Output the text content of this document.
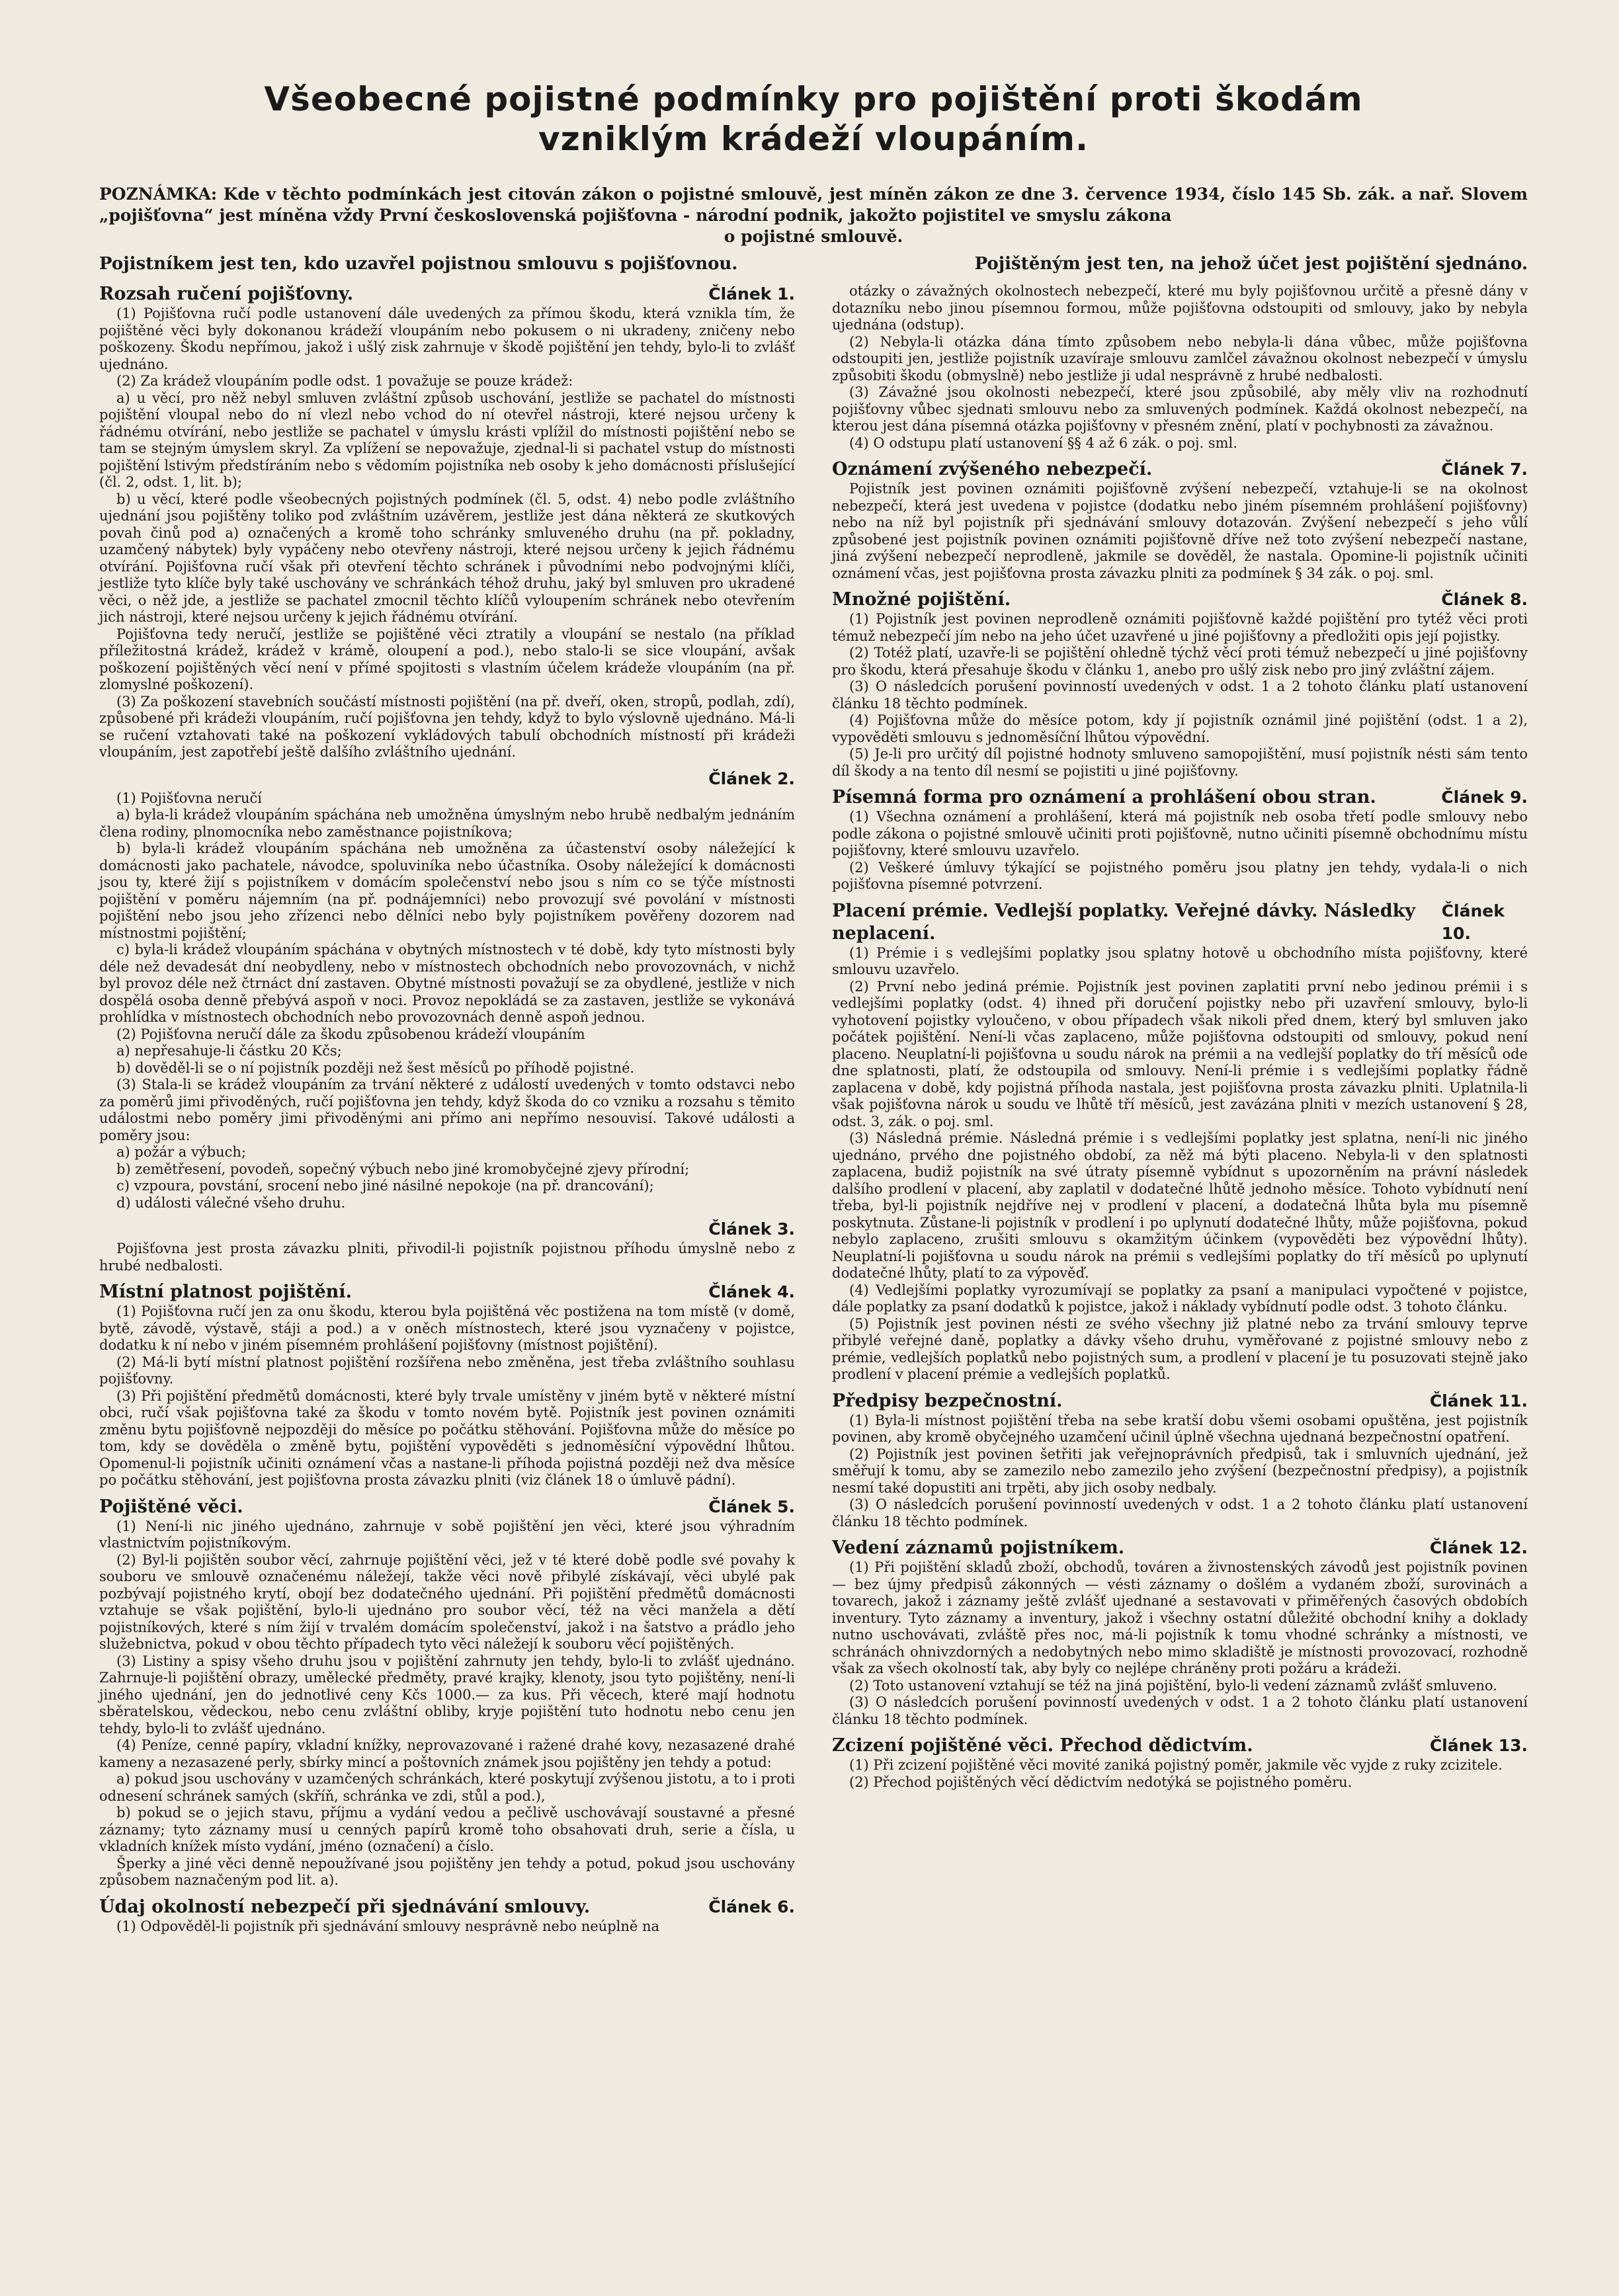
Všeobecné pojistné podmínky pro pojištění proti škodám
vzniklým krádeží vloupáním.
POZNÁMKA: Kde v těchto podmínkách jest citován zákon o pojistné smlouvě, jest míněn zákon ze dne 3. července 1934, číslo 145 Sb. zák. a nař. Slovem „pojišťovna“ jest míněna vždy První československá pojišťovna - národní podnik, jakožto pojistitel ve smyslu zákona
o pojistné smlouvě.
Pojistníkem jest ten, kdo uzavřel pojistnou smlouvu s pojišťovnou.	Pojištěným jest ten, na jehož účet jest pojištění sjednáno.
Rozsah ručení pojišťovny.	Článek 1.

(1) Pojišťovna ručí podle ustanovení dále uvedených za přímou škodu, která vznikla tím, že pojištěné věci byly dokonanou krádeží vloupáním nebo pokusem o ni ukradeny, zničeny nebo poškozeny. Škodu nepřímou, jakož i ušlý zisk zahrnuje v škodě pojištění jen tehdy, bylo-li to zvlášť ujednáno.

(2) Za krádež vloupáním podle odst. 1 považuje se pouze krádež:

a) u věcí, pro něž nebyl smluven zvláštní způsob uschování, jestliže se pachatel do místnosti pojištění vloupal nebo do ní vlezl nebo vchod do ní otevřel nástroji, které nejsou určeny k řádnému otvírání, nebo jestliže se pachatel v úmyslu krásti vplížil do místnosti pojištění nebo se tam se stejným úmyslem skryl. Za vplížení se nepovažuje, zjednal-li si pachatel vstup do místnosti pojištění lstivým předstíráním nebo s vědomím pojistníka neb osoby k jeho domácnosti příslušející (čl. 2, odst. 1, lit. b);

b) u věcí, které podle všeobecných pojistných podmínek (čl. 5, odst. 4) nebo podle zvláštního ujednání jsou pojištěny toliko pod zvláštním uzávěrem, jestliže jest dána některá ze skutkových povah činů pod a) označených a kromě toho schránky smluveného druhu (na př. pokladny, uzamčený nábytek) byly vypáčeny nebo otevřeny nástroji, které nejsou určeny k jejich řádnému otvírání. Pojišťovna ručí však při otevření těchto schránek i původními nebo podvojnými klíči, jestliže tyto klíče byly také uschovány ve schránkách téhož druhu, jaký byl smluven pro ukradené věci, o něž jde, a jestliže se pachatel zmocnil těchto klíčů vyloupením schránek nebo otevřením jich nástroji, které nejsou určeny k jejich řádnému otvírání.

Pojišťovna tedy neručí, jestliže se pojištěné věci ztratily a vloupání se nestalo (na příklad příležitostná krádež, krádež v krámě, oloupení a pod.), nebo stalo-li se sice vloupání, avšak poškození pojištěných věcí není v přímé spojitosti s vlastním účelem krádeže vloupáním (na př. zlomyslné poškození).

(3) Za poškození stavebních součástí místnosti pojištění (na př. dveří, oken, stropů, podlah, zdí), způsobené při krádeži vloupáním, ručí pojišťovna jen tehdy, když to bylo výslovně ujednáno. Má-li se ručení vztahovati také na poškození vykládových tabulí obchodních místností při krádeži vloupáním, jest zapotřebí ještě dalšího zvláštního ujednání.

Článek 2.

(1) Pojišťovna neručí

a) byla-li krádež vloupáním spáchána neb umožněna úmyslným nebo hrubě nedbalým jednáním člena rodiny, plnomocníka nebo zaměstnance pojistníkova;

b) byla-li krádež vloupáním spáchána neb umožněna za účastenství osoby náležející k domácnosti jako pachatele, návodce, spoluviníka nebo účastníka. Osoby náležející k domácnosti jsou ty, které žijí s pojistníkem v domácím společenství nebo jsou s ním co se týče místnosti pojištění v poměru nájemním (na př. podnájemníci) nebo provozují své povolání v místnosti pojištění nebo jsou jeho zřízenci nebo dělníci nebo byly pojistníkem pověřeny dozorem nad místnostmi pojištění;

c) byla-li krádež vloupáním spáchána v obytných místnostech v té době, kdy tyto místnosti byly déle než devadesát dní neobydleny, nebo v místnostech obchodních nebo provozovnách, v nichž byl provoz déle než čtrnáct dní zastaven. Obytné místnosti považují se za obydlené, jestliže v nich dospělá osoba denně přebývá aspoň v noci. Provoz nepokládá se za zastaven, jestliže se vykonává prohlídka v místnostech obchodních nebo provozovnách denně aspoň jednou.

(2) Pojišťovna neručí dále za škodu způsobenou krádeží vloupáním

a) nepřesahuje-li částku 20 Kčs;

b) dověděl-li se o ní pojistník později než šest měsíců po příhodě pojistné.

(3) Stala-li se krádež vloupáním za trvání některé z událostí uvedených v tomto odstavci nebo za poměrů jimi přivoděných, ručí pojišťovna jen tehdy, když škoda do co vzniku a rozsahu s těmito událostmi nebo poměry jimi přivoděnými ani přímo ani nepřímo nesouvisí. Takové události a poměry jsou:

a) požár a výbuch;

b) zemětřesení, povodeň, sopečný výbuch nebo jiné kromobyčejné zjevy přírodní;

c) vzpoura, povstání, srocení nebo jiné násilné nepokoje (na př. drancování);

d) události válečné všeho druhu.

Článek 3.

Pojišťovna jest prosta závazku plniti, přivodil-li pojistník pojistnou příhodu úmyslně nebo z hrubé nedbalosti.

Místní platnost pojištění.	Článek 4.

(1) Pojišťovna ručí jen za onu škodu, kterou byla pojištěná věc postižena na tom místě (v domě, bytě, závodě, výstavě, stáji a pod.) a v oněch místnostech, které jsou vyznačeny v pojistce, dodatku k ní nebo v jiném písemném prohlášení pojišťovny (místnost pojištění).

(2) Má-li bytí místní platnost pojištění rozšířena nebo změněna, jest třeba zvláštního souhlasu pojišťovny.

(3) Při pojištění předmětů domácnosti, které byly trvale umístěny v jiném bytě v některé místní obci, ručí však pojišťovna také za škodu v tomto novém bytě. Pojistník jest povinen oznámiti změnu bytu pojišťovně nejpozději do měsíce po počátku stěhování. Pojišťovna může do měsíce po tom, kdy se dověděla o změně bytu, pojištění vypověděti s jednoměsíční výpovědní lhůtou. Opomenul-li pojistník učiniti oznámení včas a nastane-li příhoda pojistná později než dva měsíce po počátku stěhování, jest pojišťovna prosta závazku plniti (viz článek 18 o úmluvě pádní).

Pojištěné věci.	Článek 5.

(1) Není-li nic jiného ujednáno, zahrnuje v sobě pojištění jen věci, které jsou výhradním vlastnictvím pojistníkovým.

(2) Byl-li pojištěn soubor věcí, zahrnuje pojištění věci, jež v té které době podle své povahy k souboru ve smlouvě označenému náležejí, takže věci nově přibylé získávají, věci ubylé pak pozbývají pojistného krytí, obojí bez dodatečného ujednání. Při pojištění předmětů domácnosti vztahuje se však pojištění, bylo-li ujednáno pro soubor věcí, též na věci manžela a dětí pojistníkových, které s ním žijí v trvalém domácím společenství, jakož i na šatstvo a prádlo jeho služebnictva, pokud v obou těchto případech tyto věci náležejí k souboru věcí pojištěných.

(3) Listiny a spisy všeho druhu jsou v pojištění zahrnuty jen tehdy, bylo-li to zvlášť ujednáno. Zahrnuje-li pojištění obrazy, umělecké předměty, pravé krajky, klenoty, jsou tyto pojištěny, není-li jiného ujednání, jen do jednotlivé ceny Kčs 1000.— za kus. Při věcech, které mají hodnotu sběratelskou, vědeckou, nebo cenu zvláštní obliby, kryje pojištění tuto hodnotu nebo cenu jen tehdy, bylo-li to zvlášť ujednáno.

(4) Peníze, cenné papíry, vkladní knížky, neprovazované i ražené drahé kovy, nezasazené drahé kameny a nezasazené perly, sbírky mincí a poštovních známek jsou pojištěny jen tehdy a potud:

a) pokud jsou uschovány v uzamčených schránkách, které poskytují zvýšenou jistotu, a to i proti odnesení schránek samých (skříň, schránka ve zdi, stůl a pod.),

b) pokud se o jejich stavu, příjmu a vydání vedou a pečlivě uschovávají soustavné a přesné záznamy; tyto záznamy musí u cenných papírů kromě toho obsahovati druh, serie a čísla, u vkladních knížek místo vydání, jméno (označení) a číslo.

Šperky a jiné věci denně nepoužívané jsou pojištěny jen tehdy a potud, pokud jsou uschovány způsobem naznačeným pod lit. a).

Údaj okolností nebezpečí při sjednávání smlouvy.	Článek 6.

(1) Odpověděl-li pojistník při sjednávání smlouvy nesprávně nebo neúplně na

otázky o závažných okolnostech nebezpečí, které mu byly pojišťovnou určitě a přesně dány v dotazníku nebo jinou písemnou formou, může pojišťovna odstoupiti od smlouvy, jako by nebyla ujednána (odstup).

(2) Nebyla-li otázka dána tímto způsobem nebo nebyla-li dána vůbec, může pojišťovna odstoupiti jen, jestliže pojistník uzavíraje smlouvu zamlčel závažnou okolnost nebezpečí v úmyslu způsobiti škodu (obmyslně) nebo jestliže ji udal nesprávně z hrubé nedbalosti.

(3) Závažné jsou okolnosti nebezpečí, které jsou způsobilé, aby měly vliv na rozhodnutí pojišťovny vůbec sjednati smlouvu nebo za smluvených podmínek. Každá okolnost nebezpečí, na kterou jest dána písemná otázka pojišťovny v přesném znění, platí v pochybnosti za závažnou.

(4) O odstupu platí ustanovení §§ 4 až 6 zák. o poj. sml.

Oznámení zvýšeného nebezpečí.	Článek 7.

Pojistník jest povinen oznámiti pojišťovně zvýšení nebezpečí, vztahuje-li se na okolnost nebezpečí, která jest uvedena v pojistce (dodatku nebo jiném písemném prohlášení pojišťovny) nebo na níž byl pojistník při sjednávání smlouvy dotazován. Zvýšení nebezpečí s jeho vůlí způsobené jest pojistník povinen oznámiti pojišťovně dříve než toto zvýšení nebezpečí nastane, jiná zvýšení nebezpečí neprodleně, jakmile se dověděl, že nastala. Opomine-li pojistník učiniti oznámení včas, jest pojišťovna prosta závazku plniti za podmínek § 34 zák. o poj. sml.

Množné pojištění.	Článek 8.

(1) Pojistník jest povinen neprodleně oznámiti pojišťovně každé pojištění pro tytéž věci proti témuž nebezpečí jím nebo na jeho účet uzavřené u jiné pojišťovny a předložiti opis její pojistky.

(2) Totéž platí, uzavře-li se pojištění ohledně týchž věcí proti témuž nebezpečí u jiné pojišťovny pro škodu, která přesahuje škodu v článku 1, anebo pro ušlý zisk nebo pro jiný zvláštní zájem.

(3) O následcích porušení povinností uvedených v odst. 1 a 2 tohoto článku platí ustanovení článku 18 těchto podmínek.

(4) Pojišťovna může do měsíce potom, kdy jí pojistník oznámil jiné pojištění (odst. 1 a 2), vypověděti smlouvu s jednoměsíční lhůtou výpovědní.

(5) Je-li pro určitý díl pojistné hodnoty smluveno samopojištění, musí pojistník nésti sám tento díl škody a na tento díl nesmí se pojistiti u jiné pojišťovny.

Písemná forma pro oznámení a prohlášení obou stran.	Článek 9.

(1) Všechna oznámení a prohlášení, která má pojistník neb osoba třetí podle smlouvy nebo podle zákona o pojistné smlouvě učiniti proti pojišťovně, nutno učiniti písemně obchodnímu místu pojišťovny, které smlouvu uzavřelo.

(2) Veškeré úmluvy týkající se pojistného poměru jsou platny jen tehdy, vydala-li o nich pojišťovna písemné potvrzení.

Placení prémie. Vedlejší poplatky. Veřejné dávky. Následky neplacení.
Článek 10.

(1) Prémie i s vedlejšími poplatky jsou splatny hotově u obchodního místa pojišťovny, které smlouvu uzavřelo.

(2) První nebo jediná prémie. Pojistník jest povinen zaplatiti první nebo jedinou prémii i s vedlejšími poplatky (odst. 4) ihned při doručení pojistky nebo při uzavření smlouvy, bylo-li vyhotovení pojistky vyloučeno, v obou případech však nikoli před dnem, který byl smluven jako počátek pojištění. Není-li včas zaplaceno, může pojišťovna odstoupiti od smlouvy, pokud není placeno. Neuplatní-li pojišťovna u soudu nárok na prémii a na vedlejší poplatky do tří měsíců ode dne splatnosti, platí, že odstoupila od smlouvy. Není-li prémie i s vedlejšími poplatky řádně zaplacena v době, kdy pojistná příhoda nastala, jest pojišťovna prosta závazku plniti. Uplatnila-li však pojišťovna nárok u soudu ve lhůtě tří měsíců, jest zavázána plniti v mezích ustanovení § 28, odst. 3, zák. o poj. sml.

(3) Následná prémie. Následná prémie i s vedlejšími poplatky jest splatna, není-li nic jiného ujednáno, prvého dne pojistného období, za něž má býti placeno. Nebyla-li v den splatnosti zaplacena, budiž pojistník na své útraty písemně vybídnut s upozorněním na právní následek dalšího prodlení v placení, aby zaplatil v dodatečné lhůtě jednoho měsíce. Tohoto vybídnutí není třeba, byl-li pojistník nejdříve nej v prodlení v placení, a dodatečná lhůta byla mu písemně poskytnuta. Zůstane-li pojistník v prodlení i po uplynutí dodatečné lhůty, může pojišťovna, pokud nebylo zaplaceno, zrušiti smlouvu s okamžitým účinkem (vypověděti bez výpovědní lhůty). Neuplatní-li pojišťovna u soudu nárok na prémii s vedlejšími poplatky do tří měsíců po uplynutí dodatečné lhůty, platí to za výpověď.

(4) Vedlejšími poplatky vyrozumívají se poplatky za psaní a manipulaci vypočtené v pojistce, dále poplatky za psaní dodatků k pojistce, jakož i náklady vybídnutí podle odst. 3 tohoto článku.

(5) Pojistník jest povinen nésti ze svého všechny již platné nebo za trvání smlouvy teprve přibylé veřejné daně, poplatky a dávky všeho druhu, vyměřované z pojistné smlouvy nebo z prémie, vedlejších poplatků nebo pojistných sum, a prodlení v placení je tu posuzovati stejně jako prodlení v placení prémie a vedlejších poplatků.

Předpisy bezpečnostní.	Článek 11.

(1) Byla-li místnost pojištění třeba na sebe kratší dobu všemi osobami opuštěna, jest pojistník povinen, aby kromě obyčejného uzamčení učinil úplně všechna ujednaná bezpečnostní opatření.

(2) Pojistník jest povinen šetřiti jak veřejnoprávních předpisů, tak i smluvních ujednání, jež směřují k tomu, aby se zamezilo nebo zamezilo jeho zvýšení (bezpečnostní předpisy), a pojistník nesmí také dopustiti ani trpěti, aby jich osoby nedbaly.

(3) O následcích porušení povinností uvedených v odst. 1 a 2 tohoto článku platí ustanovení článku 18 těchto podmínek.

Vedení záznamů pojistníkem.	Článek 12.

(1) Při pojištění skladů zboží, obchodů, továren a živnostenských závodů jest pojistník povinen — bez újmy předpisů zákonných — vésti záznamy o došlém a vydaném zboží, surovinách a tovarech, jakož i záznamy ještě zvlášť ujednané a sestavovati v přiměřených časových obdobích inventury. Tyto záznamy a inventury, jakož i všechny ostatní důležité obchodní knihy a doklady nutno uschovávati, zvláště přes noc, má-li pojistník k tomu vhodné schránky a místnosti, ve schránách ohnivzdorných a nedobytných nebo mimo skladiště je místnosti provozovací, rozhodně však za všech okolností tak, aby byly co nejlépe chráněny proti požáru a krádeži.

(2) Toto ustanovení vztahují se též na jiná pojištění, bylo-li vedení záznamů zvlášť smluveno.

(3) O následcích porušení povinností uvedených v odst. 1 a 2 tohoto článku platí ustanovení článku 18 těchto podmínek.

Zcizení pojištěné věci. Přechod dědictvím.	Článek 13.

(1) Při zcizení pojištěné věci movité zaniká pojistný poměr, jakmile věc vyjde z ruky zcizitele.

(2) Přechod pojištěných věcí dědictvím nedotýká se pojistného poměru.
